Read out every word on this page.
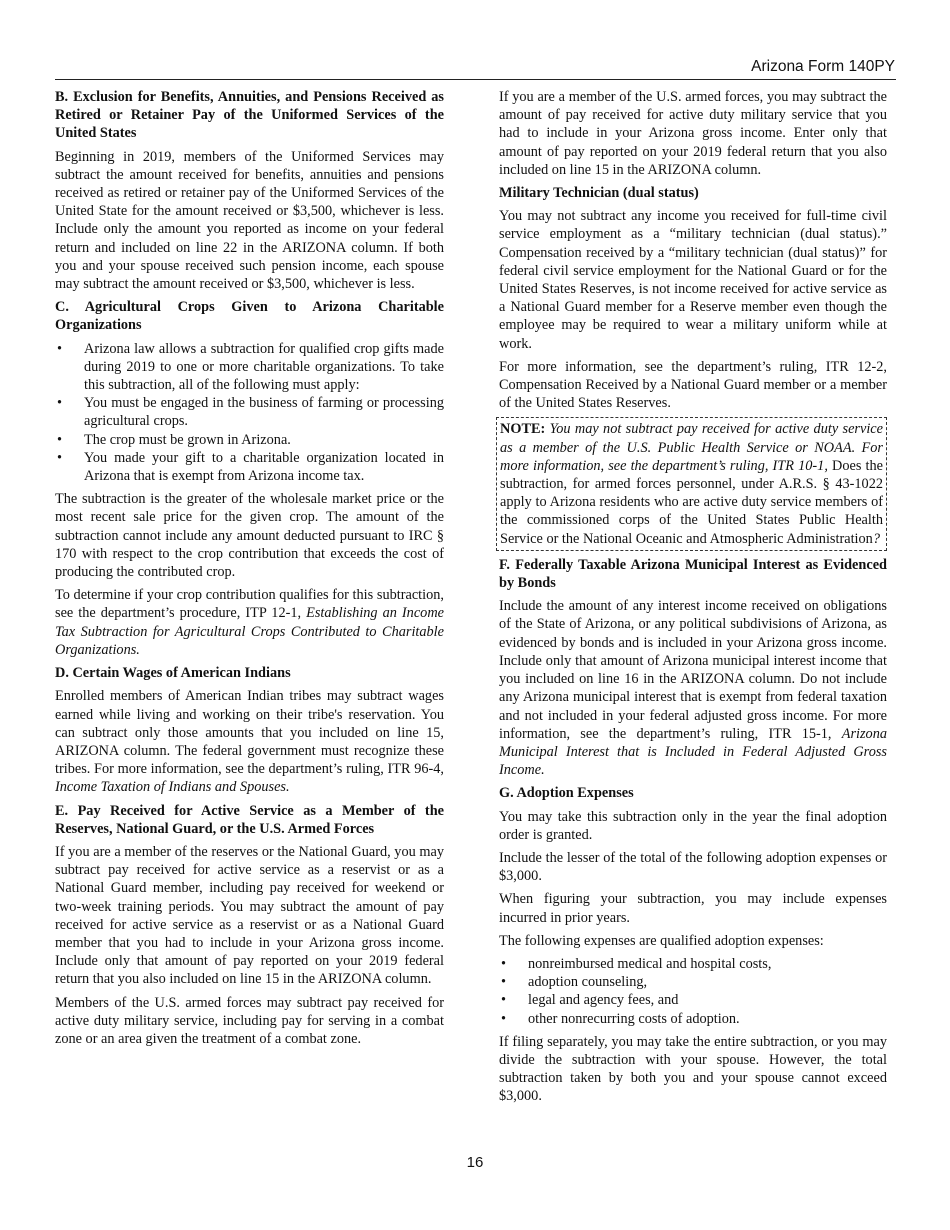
Arizona Form 140PY
B. Exclusion for Benefits, Annuities, and Pensions Received as Retired or Retainer Pay of the Uniformed Services of the United States

Beginning in 2019, members of the Uniformed Services may subtract the amount received for benefits, annuities and pensions received as retired or retainer pay of the Uniformed Services of the United State for the amount received or $3,500, whichever is less. Include only the amount you reported as income on your federal return and included on line 22 in the ARIZONA column. If both you and your spouse received such pension income, each spouse may subtract the amount received or $3,500, whichever is less.

C. Agricultural Crops Given to Arizona Charitable Organizations
• Arizona law allows a subtraction for qualified crop gifts made during 2019 to one or more charitable organizations. To take this subtraction, all of the following must apply:
• You must be engaged in the business of farming or processing agricultural crops.
• The crop must be grown in Arizona.
• You made your gift to a charitable organization located in Arizona that is exempt from Arizona income tax.

The subtraction is the greater of the wholesale market price or the most recent sale price for the given crop. The amount of the subtraction cannot include any amount deducted pursuant to IRC § 170 with respect to the crop contribution that exceeds the cost of producing the contributed crop.

To determine if your crop contribution qualifies for this subtraction, see the department’s procedure, ITP 12-1, Establishing an Income Tax Subtraction for Agricultural Crops Contributed to Charitable Organizations.

D. Certain Wages of American Indians

Enrolled members of American Indian tribes may subtract wages earned while living and working on their tribe's reservation. You can subtract only those amounts that you included on line 15, ARIZONA column. The federal government must recognize these tribes. For more information, see the department’s ruling, ITR 96-4, Income Taxation of Indians and Spouses.

E. Pay Received for Active Service as a Member of the Reserves, National Guard, or the U.S. Armed Forces

If you are a member of the reserves or the National Guard, you may subtract pay received for active service as a reservist or as a National Guard member, including pay received for weekend or two-week training periods. You may subtract the amount of pay received for active service as a reservist or as a National Guard member that you had to include in your Arizona gross income. Include only that amount of pay reported on your 2019 federal return that you also included on line 15 in the ARIZONA column.

Members of the U.S. armed forces may subtract pay received for active duty military service, including pay for serving in a combat zone or an area given the treatment of a combat zone.

If you are a member of the U.S. armed forces, you may subtract the amount of pay received for active duty military service that you had to include in your Arizona gross income. Enter only that amount of pay reported on your 2019 federal return that you also included on line 15 in the ARIZONA column.

Military Technician (dual status)

You may not subtract any income you received for full-time civil service employment as a “military technician (dual status).” Compensation received by a “military technician (dual status)” for federal civil service employment for the National Guard or for the United States Reserves, is not income received for active service as a National Guard member for a Reserve member even though the employee may be required to wear a military uniform while at work.

For more information, see the department’s ruling, ITR 12-2, Compensation Received by a National Guard member or a member of the United States Reserves.

NOTE: You may not subtract pay received for active duty service as a member of the U.S. Public Health Service or NOAA. For more information, see the department’s ruling, ITR 10-1, Does the subtraction, for armed forces personnel, under A.R.S. § 43-1022 apply to Arizona residents who are active duty service members of the commissioned corps of the United States Public Health Service or the National Oceanic and Atmospheric Administration?
F. Federally Taxable Arizona Municipal Interest as Evidenced by Bonds

Include the amount of any interest income received on obligations of the State of Arizona, or any political subdivisions of Arizona, as evidenced by bonds and is included in your Arizona gross income. Include only that amount of Arizona municipal interest income that you included on line 16 in the ARIZONA column. Do not include any Arizona municipal interest that is exempt from federal taxation and not included in your federal adjusted gross income. For more information, see the department’s ruling, ITR 15-1, Arizona Municipal Interest that is Included in Federal Adjusted Gross Income.

G. Adoption Expenses

You may take this subtraction only in the year the final adoption order is granted.

Include the lesser of the total of the following adoption expenses or $3,000.

When figuring your subtraction, you may include expenses incurred in prior years.

The following expenses are qualified adoption expenses:

• nonreimbursed medical and hospital costs,
• adoption counseling,
• legal and agency fees, and
• other nonrecurring costs of adoption.

If filing separately, you may take the entire subtraction, or you may divide the subtraction with your spouse. However, the total subtraction taken by both you and your spouse cannot exceed $3,000.

16
